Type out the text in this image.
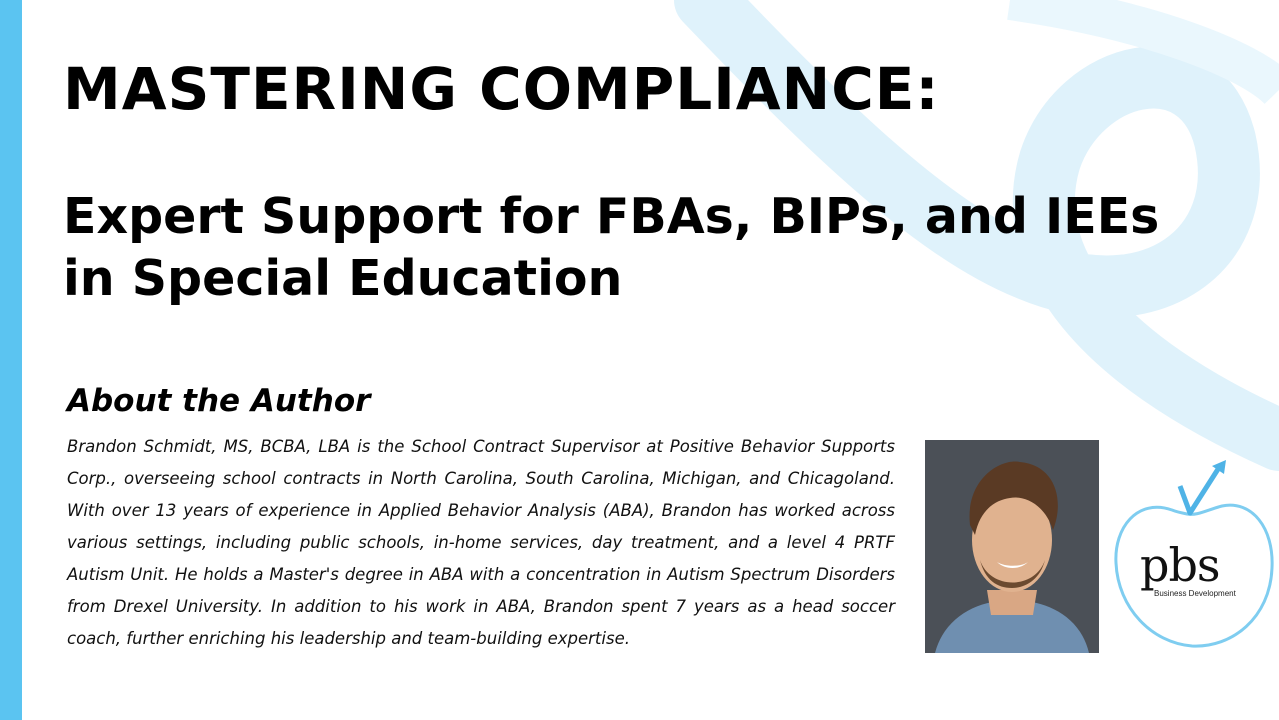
MASTERING COMPLIANCE:
Expert Support for FBAs, BIPs, and IEEs in Special Education
About the Author

Brandon Schmidt, MS, BCBA, LBA is the School Contract Supervisor at Positive Behavior Supports Corp., overseeing school contracts in North Carolina, South Carolina, Michigan, and Chicagoland. With over 13 years of experience in Applied Behavior Analysis (ABA), Brandon has worked across various settings, including public schools, in-home services, day treatment, and a level 4 PRTF Autism Unit. He holds a Master's degree in ABA with a concentration in Autism Spectrum Disorders from Drexel University. In addition to his work in ABA, Brandon spent 7 years as a head soccer coach, further enriching his leadership and team-building expertise.

pbs
Business Development
